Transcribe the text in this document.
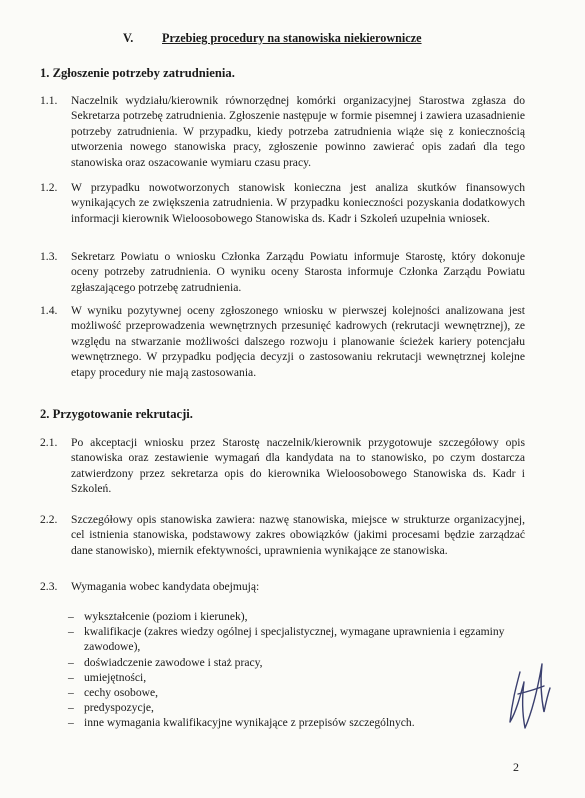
V. Przebieg procedury na stanowiska niekierownicze
1. Zgłoszenie potrzeby zatrudnienia.
1.1. Naczelnik wydziału/kierownik równorzędnej komórki organizacyjnej Starostwa zgłasza do Sekretarza potrzebę zatrudnienia. Zgłoszenie następuje w formie pisemnej i zawiera uzasadnienie potrzeby zatrudnienia. W przypadku, kiedy potrzeba zatrudnienia wiąże się z koniecznością utworzenia nowego stanowiska pracy, zgłoszenie powinno zawierać opis zadań dla tego stanowiska oraz oszacowanie wymiaru czasu pracy.
1.2. W przypadku nowotworzonych stanowisk konieczna jest analiza skutków finansowych wynikających ze zwiększenia zatrudnienia. W przypadku konieczności pozyskania dodatkowych informacji kierownik Wieloosobowego Stanowiska ds. Kadr i Szkoleń uzupełnia wniosek.
1.3. Sekretarz Powiatu o wniosku Członka Zarządu Powiatu informuje Starostę, który dokonuje oceny potrzeby zatrudnienia. O wyniku oceny Starosta informuje Członka Zarządu Powiatu zgłaszającego potrzebę zatrudnienia.
1.4. W wyniku pozytywnej oceny zgłoszonego wniosku w pierwszej kolejności analizowana jest możliwość przeprowadzenia wewnętrznych przesunięć kadrowych (rekrutacji wewnętrznej), ze względu na stwarzanie możliwości dalszego rozwoju i planowanie ścieżek kariery potencjału wewnętrznego. W przypadku podjęcia decyzji o zastosowaniu rekrutacji wewnętrznej kolejne etapy procedury nie mają zastosowania.
2. Przygotowanie rekrutacji.
2.1. Po akceptacji wniosku przez Starostę naczelnik/kierownik przygotowuje szczegółowy opis stanowiska oraz zestawienie wymagań dla kandydata na to stanowisko, po czym dostarcza zatwierdzony przez sekretarza opis do kierownika Wieloosobowego Stanowiska ds. Kadr i Szkoleń.
2.2. Szczegółowy opis stanowiska zawiera: nazwę stanowiska, miejsce w strukturze organizacyjnej, cel istnienia stanowiska, podstawowy zakres obowiązków (jakimi procesami będzie zarządzać dane stanowisko), miernik efektywności, uprawnienia wynikające ze stanowiska.
2.3. Wymagania wobec kandydata obejmują:
– wykształcenie (poziom i kierunek),
– kwalifikacje (zakres wiedzy ogólnej i specjalistycznej, wymagane uprawnienia i egzaminy zawodowe),
– doświadczenie zawodowe i staż pracy,
– umiejętności,
– cechy osobowe,
– predyspozycje,
– inne wymagania kwalifikacyjne wynikające z przepisów szczególnych.
2
